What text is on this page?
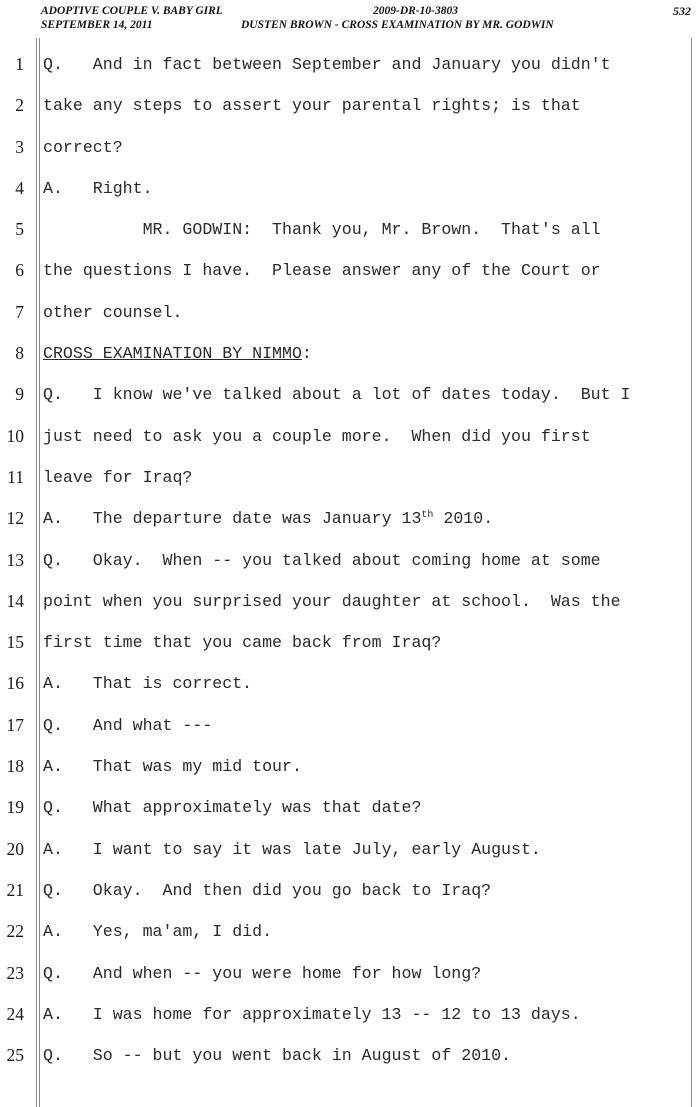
ADOPTIVE COUPLE V. BABY GIRL	2009-DR-10-3803	532
SEPTEMBER 14, 2011	DUSTEN BROWN - CROSS EXAMINATION BY MR. GODWIN
1 Q.   And in fact between September and January you didn't
2 take any steps to assert your parental rights; is that
3 correct?
4 A.   Right.
5 MR. GODWIN:  Thank you, Mr. Brown.  That's all
6 the questions I have.  Please answer any of the Court or
7 other counsel.
8 CROSS EXAMINATION BY NIMMO:
9 Q.   I know we've talked about a lot of dates today.  But I
10 just need to ask you a couple more.  When did you first
11 leave for Iraq?
12 A.   The departure date was January 13th 2010.
13 Q.   Okay.  When -- you talked about coming home at some
14 point when you surprised your daughter at school.  Was the
15 first time that you came back from Iraq?
16 A.   That is correct.
17 Q.   And what ---
18 A.   That was my mid tour.
19 Q.   What approximately was that date?
20 A.   I want to say it was late July, early August.
21 Q.   Okay.  And then did you go back to Iraq?
22 A.   Yes, ma'am, I did.
23 Q.   And when -- you were home for how long?
24 A.   I was home for approximately 13 -- 12 to 13 days.
25 Q.   So -- but you went back in August of 2010.
